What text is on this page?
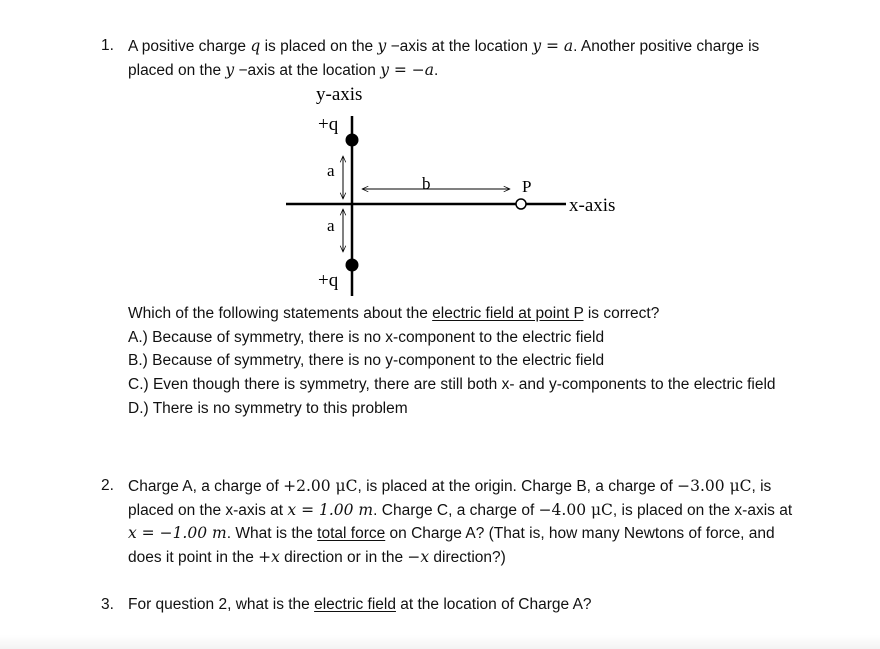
1. A positive charge q is placed on the y −axis at the location y = a. Another positive charge is
placed on the y −axis at the location y = −a.
y-axis
x-axis
+q
+q
a
a
b	P
Which of the following statements about the electric field at point P is correct?
A.) Because of symmetry, there is no x-component to the electric field
B.) Because of symmetry, there is no y-component to the electric field
C.) Even though there is symmetry, there are still both x- and y-components to the electric field
D.) There is no symmetry to this problem
2. Charge A, a charge of +2.00 μC, is placed at the origin. Charge B, a charge of −3.00 μC, is
placed on the x-axis at x = 1.00 m. Charge C, a charge of −4.00 μC, is placed on the x-axis at
x = −1.00 m. What is the total force on Charge A? (That is, how many Newtons of force, and
does it point in the +x direction or in the −x direction?)
3. For question 2, what is the electric field at the location of Charge A?
